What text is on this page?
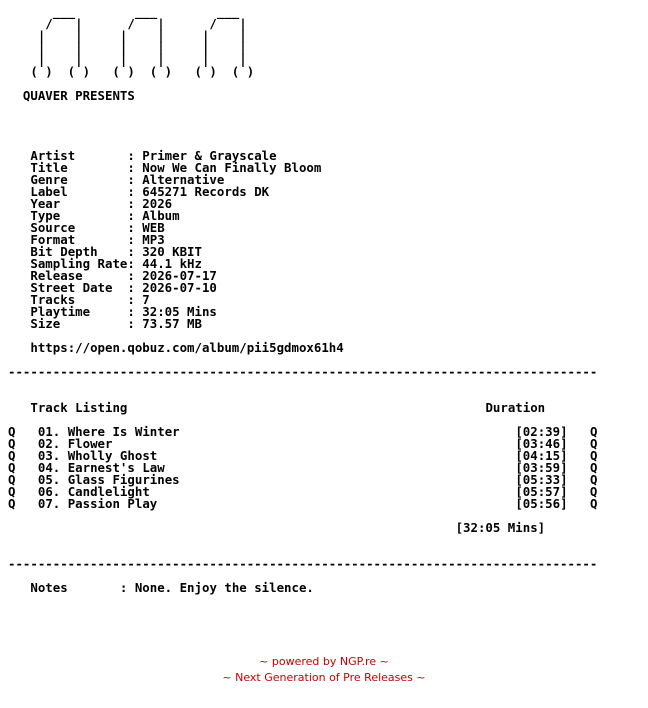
___        ___        ___
/   |      /   |      /   |
|    |     |    |     |    |
|    |     |    |     |    |
|    |     |    |     |    |
( )  ( )   ( )  ( )   ( )  ( )
QUAVER PRESENTS
Artist       : Primer & Grayscale
Title        : Now We Can Finally Bloom
Genre        : Alternative
Label        : 645271 Records DK
Year         : 2026
Type         : Album
Source       : WEB
Format       : MP3
Bit Depth    : 320 KBIT
Sampling Rate: 44.1 kHz
Release      : 2026-07-17
Street Date  : 2026-07-10
Tracks       : 7
Playtime     : 32:05 Mins
Size         : 73.57 MB
https://open.qobuz.com/album/pii5gdmox61h4
-------------------------------------------------------------------------------
Track Listing	Duration
Q 01. Where Is Winter	[02:39] Q
Q 02. Flower	[03:46] Q
Q 03. Wholly Ghost	[04:15] Q
Q 04. Earnest's Law	[03:59] Q
Q 05. Glass Figurines	[05:33] Q
Q 06. Candlelight	[05:57] Q
Q 07. Passion Play	[05:56] Q
[32:05 Mins]
-------------------------------------------------------------------------------
Notes       : None. Enjoy the silence.
~ powered by NGP.re ~
~ Next Generation of Pre Releases ~
